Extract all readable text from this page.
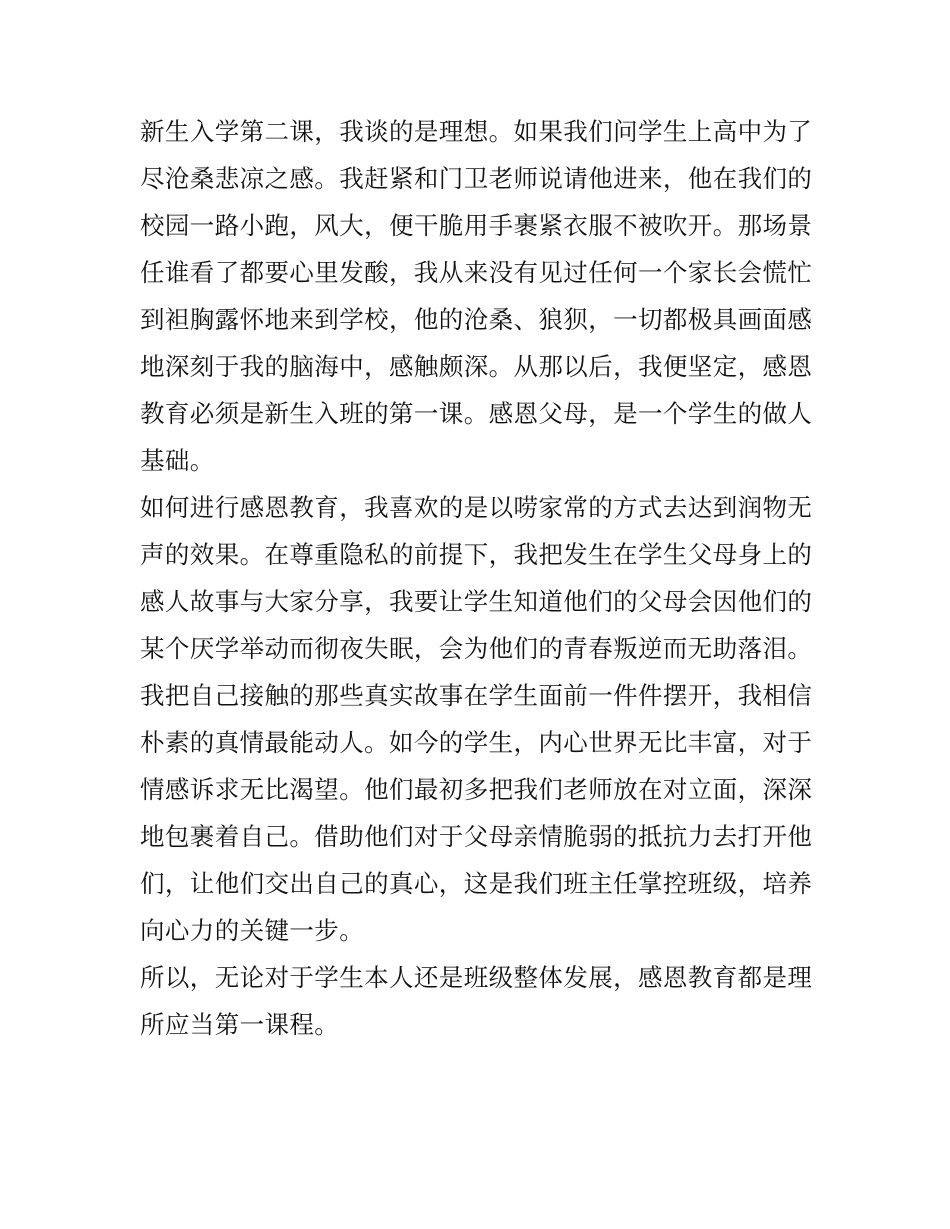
新生入学第二课，我谈的是理想。如果我们问学生上高中为了
尽沧桑悲凉之感。我赶紧和门卫老师说请他进来，他在我们的
校园一路小跑，风大，便干脆用手裹紧衣服不被吹开。那场景
任谁看了都要心里发酸，我从来没有见过任何一个家长会慌忙
到袒胸露怀地来到学校，他的沧桑、狼狈，一切都极具画面感
地深刻于我的脑海中，感触颇深。从那以后，我便坚定，感恩
教育必须是新生入班的第一课。感恩父母，是一个学生的做人
基础。
如何进行感恩教育，我喜欢的是以唠家常的方式去达到润物无
声的效果。在尊重隐私的前提下，我把发生在学生父母身上的
感人故事与大家分享，我要让学生知道他们的父母会因他们的
某个厌学举动而彻夜失眠，会为他们的青春叛逆而无助落泪。
我把自己接触的那些真实故事在学生面前一件件摆开，我相信
朴素的真情最能动人。如今的学生，内心世界无比丰富，对于
情感诉求无比渴望。他们最初多把我们老师放在对立面，深深
地包裹着自己。借助他们对于父母亲情脆弱的抵抗力去打开他
们，让他们交出自己的真心，这是我们班主任掌控班级，培养
向心力的关键一步。
所以，无论对于学生本人还是班级整体发展，感恩教育都是理
所应当第一课程。
